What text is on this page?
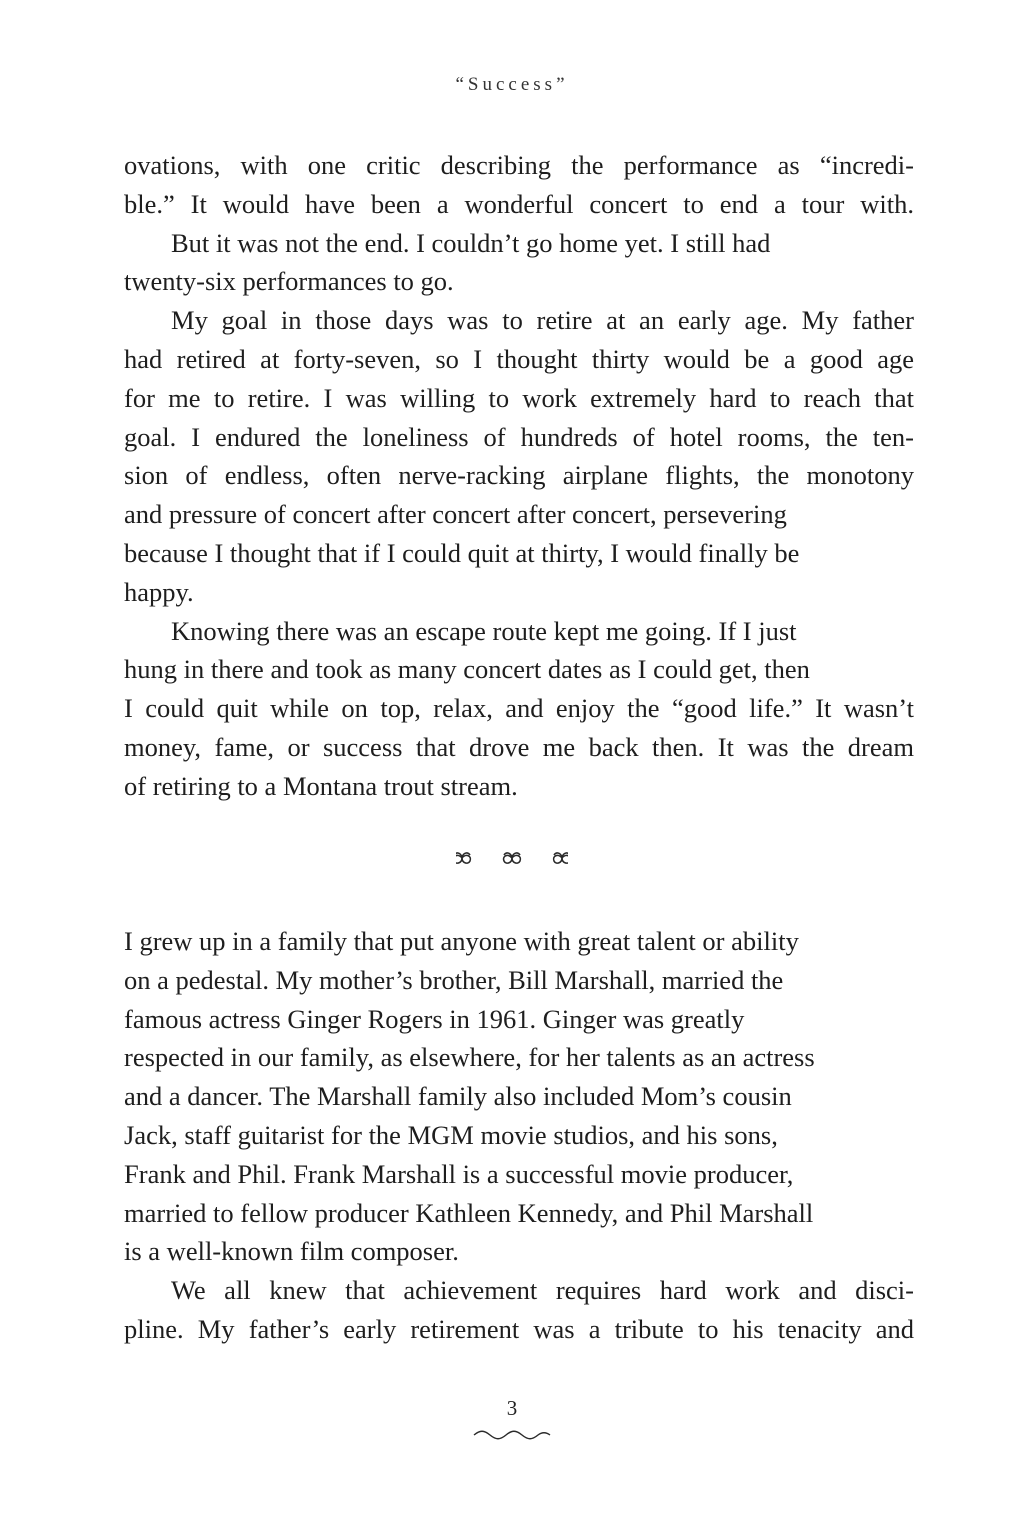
“Success”
ovations, with one critic describing the performance as “incredi-
ble.” It would have been a wonderful concert to end a tour with.
But it was not the end. I couldn’t go home yet. I still had
twenty-six performances to go.
My goal in those days was to retire at an early age. My father
had retired at forty-seven, so I thought thirty would be a good age
for me to retire. I was willing to work extremely hard to reach that
goal. I endured the loneliness of hundreds of hotel rooms, the ten-
sion of endless, often nerve-racking airplane flights, the monotony
and pressure of concert after concert after concert, persevering
because I thought that if I could quit at thirty, I would finally be
happy.
Knowing there was an escape route kept me going. If I just
hung in there and took as many concert dates as I could get, then
I could quit while on top, relax, and enjoy the “good life.” It wasn’t
money, fame, or success that drove me back then. It was the dream
of retiring to a Montana trout stream.
I grew up in a family that put anyone with great talent or ability
on a pedestal. My mother’s brother, Bill Marshall, married the
famous actress Ginger Rogers in 1961. Ginger was greatly
respected in our family, as elsewhere, for her talents as an actress
and a dancer. The Marshall family also included Mom’s cousin
Jack, staff guitarist for the MGM movie studios, and his sons,
Frank and Phil. Frank Marshall is a successful movie producer,
married to fellow producer Kathleen Kennedy, and Phil Marshall
is a well-known film composer.
We all knew that achievement requires hard work and disci-
pline. My father’s early retirement was a tribute to his tenacity and
3
